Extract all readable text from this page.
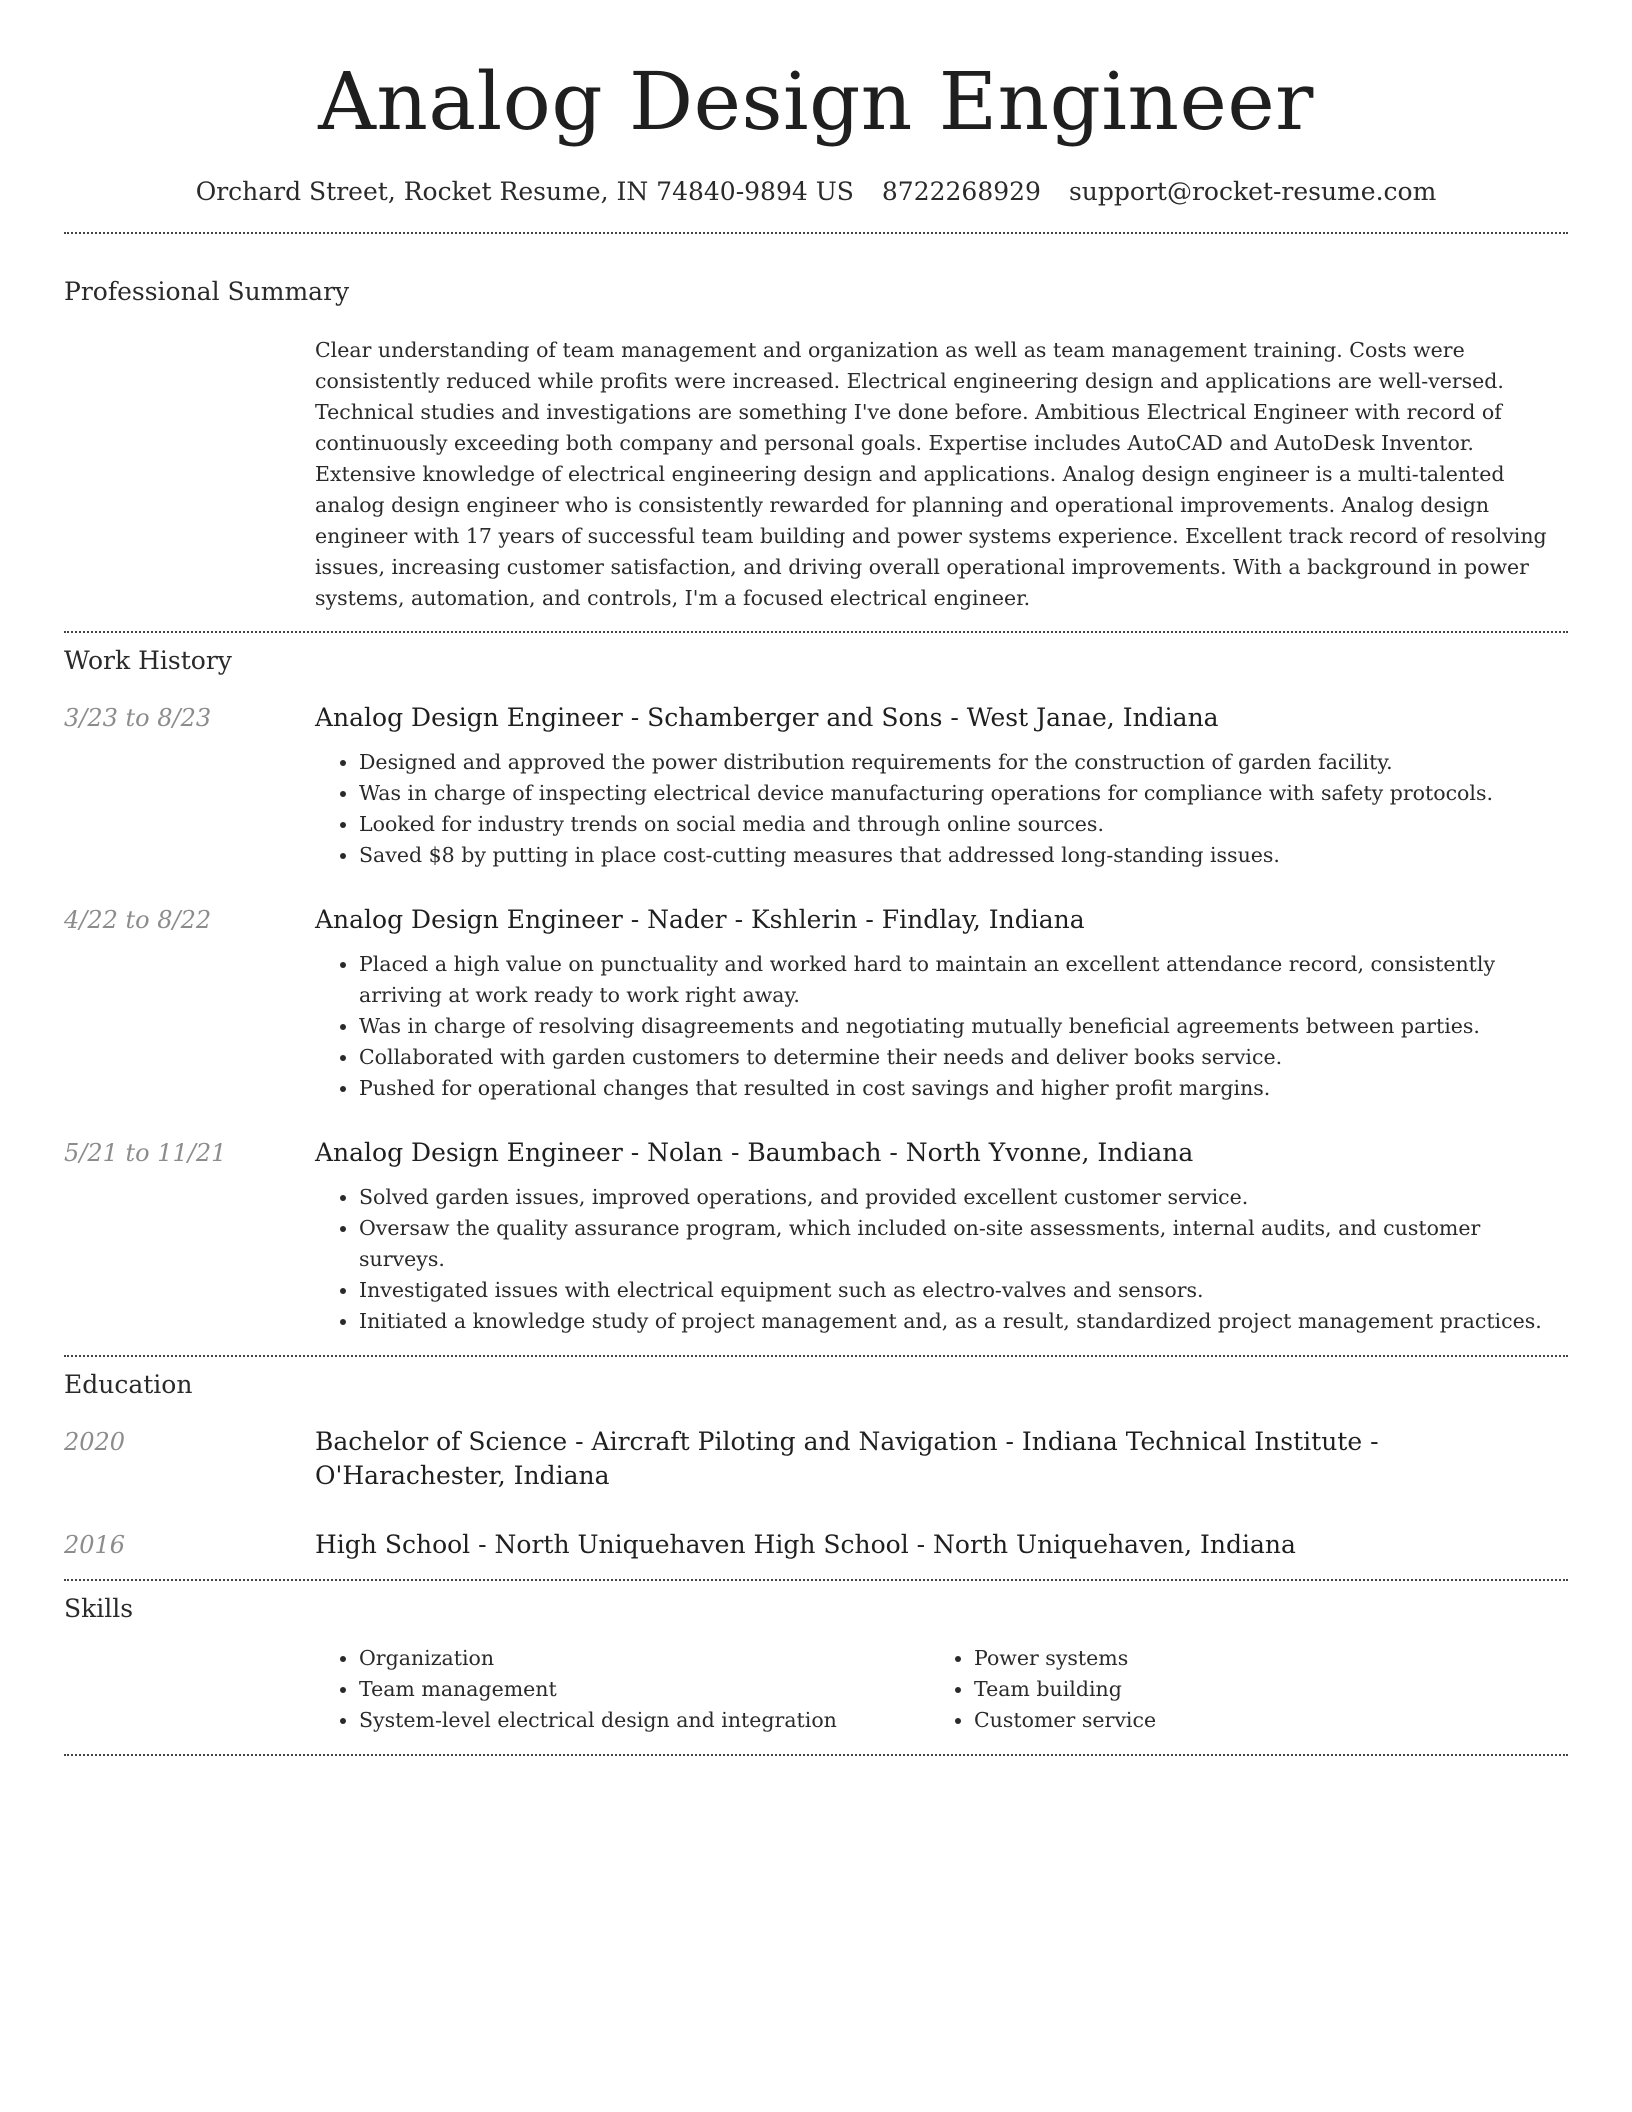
Analog Design Engineer
Orchard Street, Rocket Resume, IN 74840-9894 US 8722268929 support@rocket-resume.com
Professional Summary

Clear understanding of team management and organization as well as team management training. Costs were consistently reduced while profits were increased. Electrical engineering design and applications are well-versed. Technical studies and investigations are something I've done before. Ambitious Electrical Engineer with record of continuously exceeding both company and personal goals. Expertise includes AutoCAD and AutoDesk Inventor. Extensive knowledge of electrical engineering design and applications. Analog design engineer is a multi-talented analog design engineer who is consistently rewarded for planning and operational improvements. Analog design engineer with 17 years of successful team building and power systems experience. Excellent track record of resolving issues, increasing customer satisfaction, and driving overall operational improvements. With a background in power systems, automation, and controls, I'm a focused electrical engineer.

Work History
3/23 to 8/23	Analog Design Engineer - Schamberger and Sons - West Janae, Indiana
• Designed and approved the power distribution requirements for the construction of garden facility.
• Was in charge of inspecting electrical device manufacturing operations for compliance with safety protocols.
• Looked for industry trends on social media and through online sources.
• Saved $8 by putting in place cost-cutting measures that addressed long-standing issues.
4/22 to 8/22	Analog Design Engineer - Nader - Kshlerin - Findlay, Indiana
• Placed a high value on punctuality and worked hard to maintain an excellent attendance record, consistently arriving at work ready to work right away.
• Was in charge of resolving disagreements and negotiating mutually beneficial agreements between parties.
• Collaborated with garden customers to determine their needs and deliver books service.
• Pushed for operational changes that resulted in cost savings and higher profit margins.
5/21 to 11/21	Analog Design Engineer - Nolan - Baumbach - North Yvonne, Indiana
• Solved garden issues, improved operations, and provided excellent customer service.
• Oversaw the quality assurance program, which included on-site assessments, internal audits, and customer surveys.
• Investigated issues with electrical equipment such as electro-valves and sensors.
• Initiated a knowledge study of project management and, as a result, standardized project management practices.
Education
2020	Bachelor of Science - Aircraft Piloting and Navigation - Indiana Technical Institute - O'Harachester, Indiana
2016	High School - North Uniquehaven High School - North Uniquehaven, Indiana
Skills
• Organization
• Team management
• System-level electrical design and integration
• Power systems
• Team building
• Customer service
